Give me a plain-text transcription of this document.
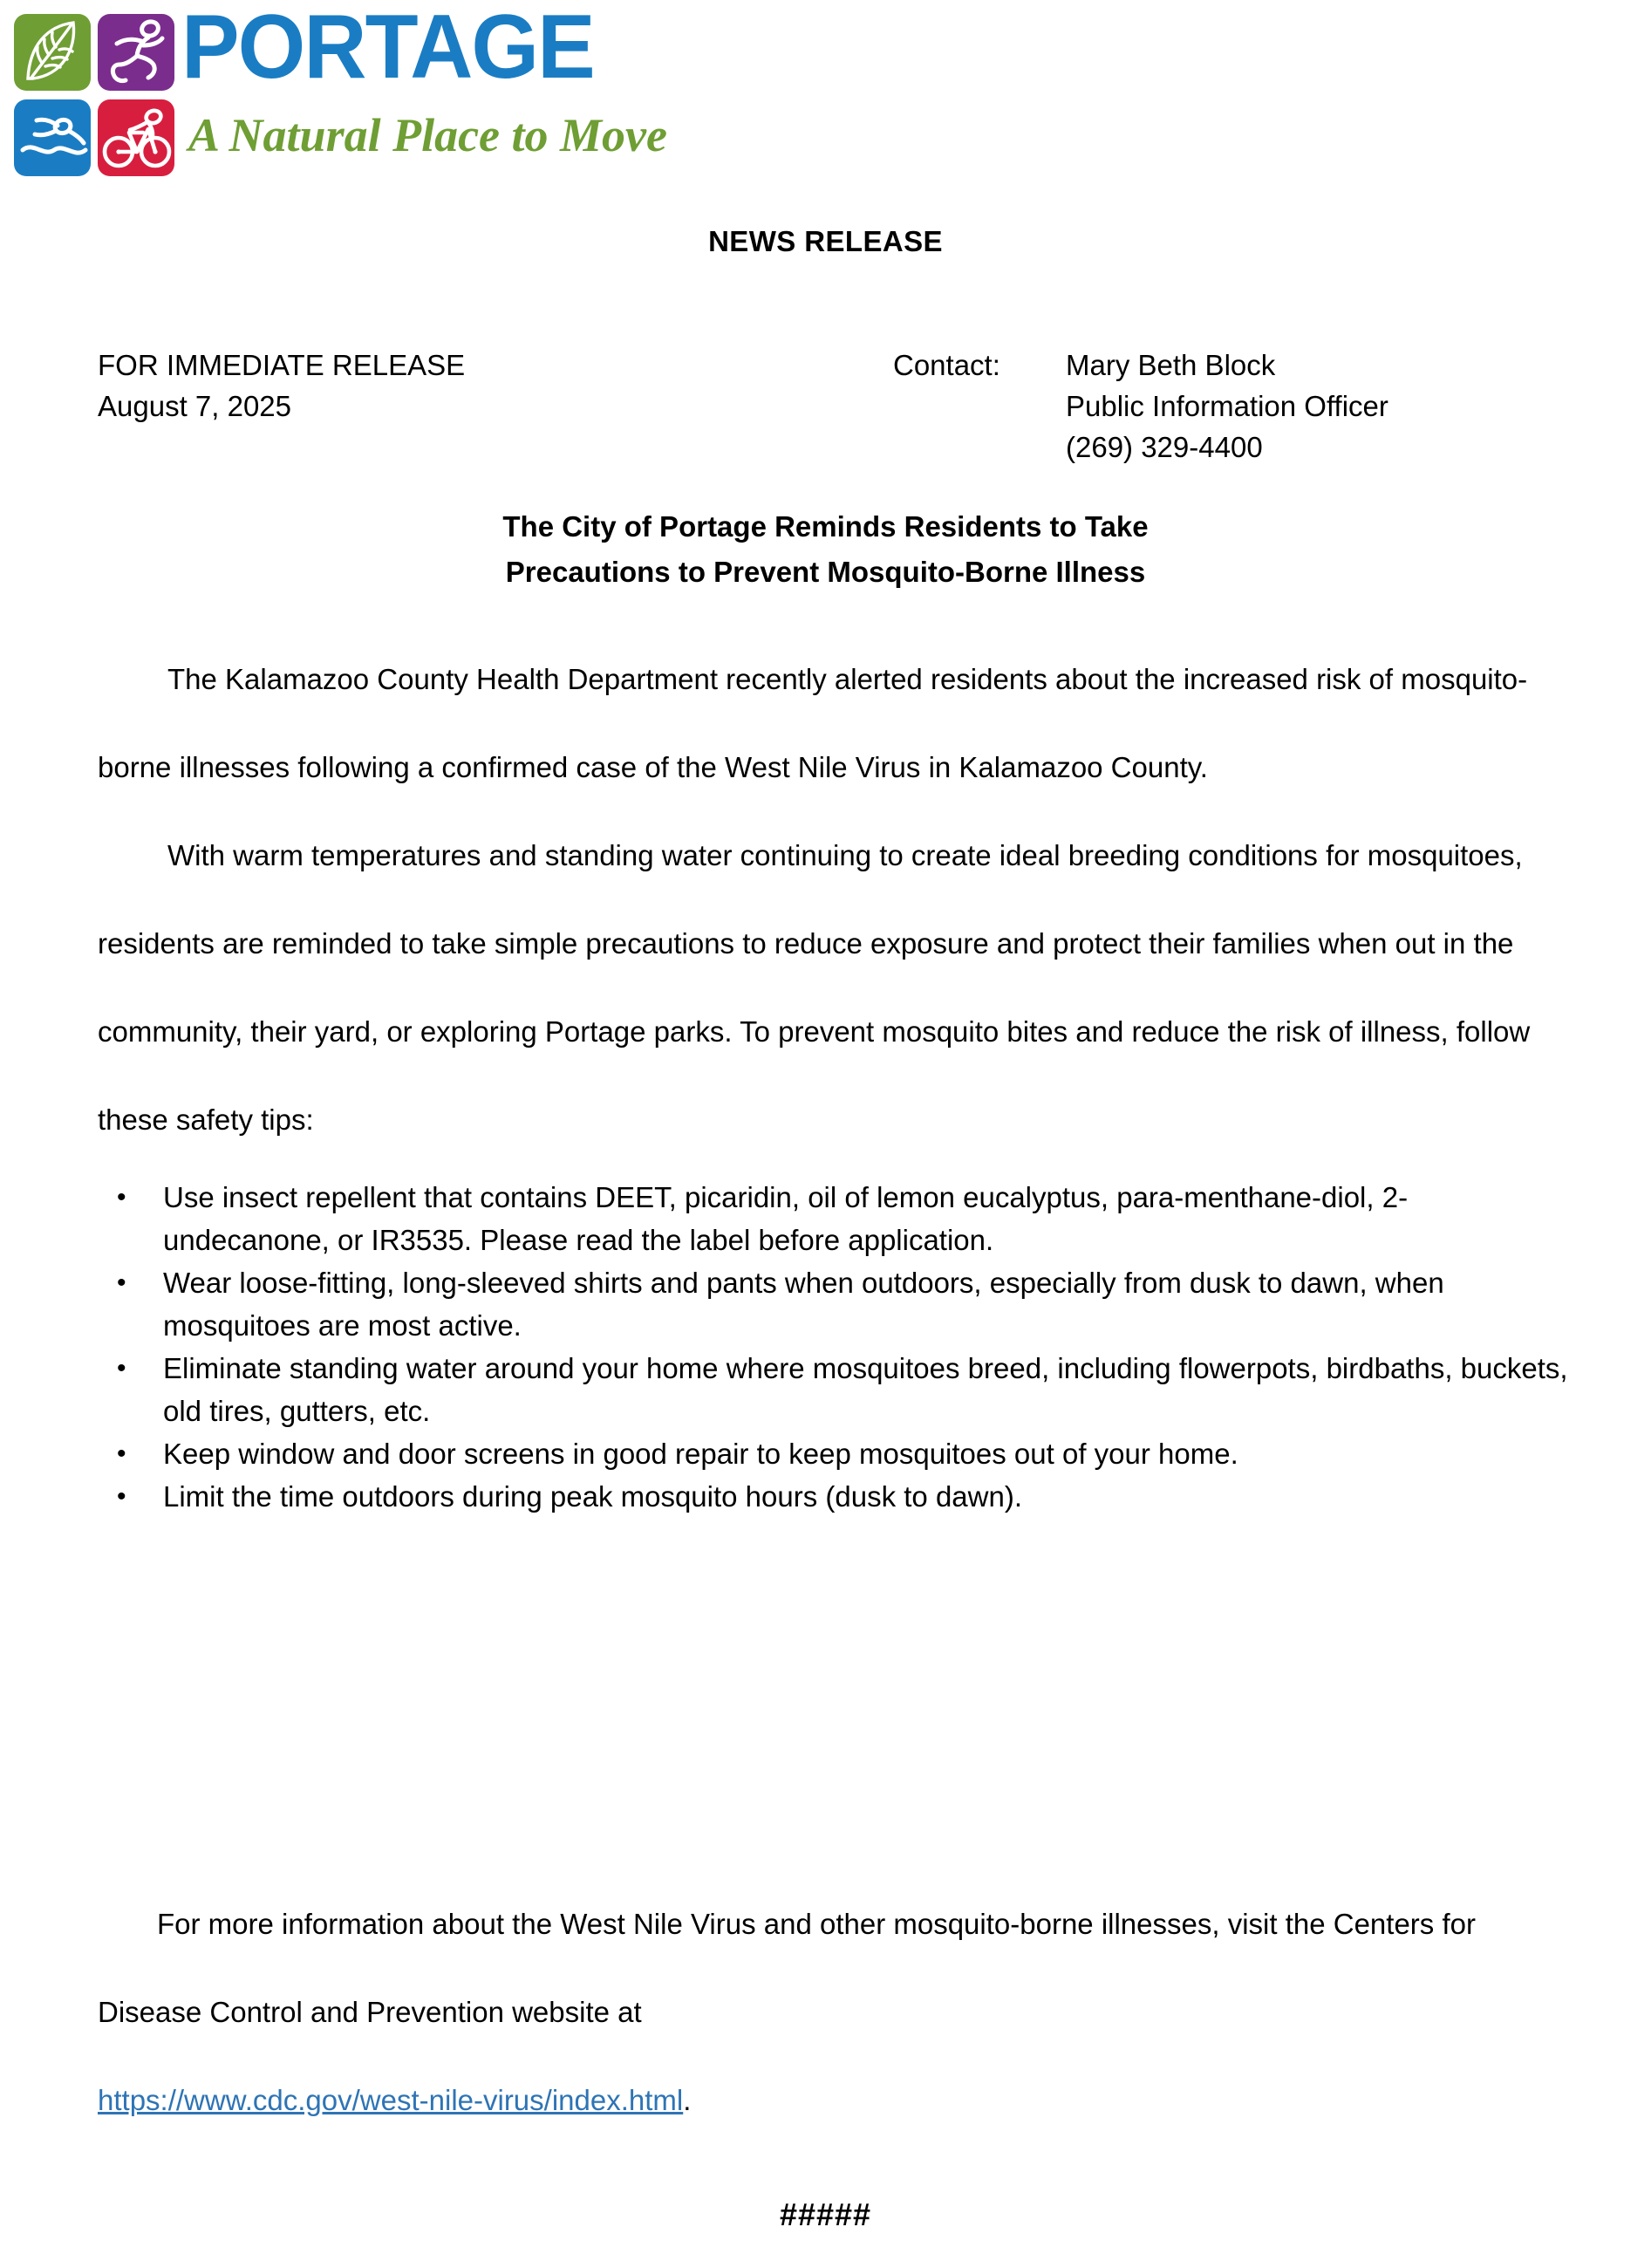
PORTAGE
A Natural Place to Move
NEWS RELEASE
FOR IMMEDIATE RELEASE
August 7, 2025
Contact:	Mary Beth Block
Public Information Officer
(269) 329-4400
The City of Portage Reminds Residents to Take
Precautions to Prevent Mosquito-Borne Illness

The Kalamazoo County Health Department recently alerted residents about the increased risk of mosquito-borne illnesses following a confirmed case of the West Nile Virus in Kalamazoo County.

With warm temperatures and standing water continuing to create ideal breeding conditions for mosquitoes, residents are reminded to take simple precautions to reduce exposure and protect their families when out in the community, their yard, or exploring Portage parks. To prevent mosquito bites and reduce the risk of illness, follow these safety tips:

• Use insect repellent that contains DEET, picaridin, oil of lemon eucalyptus, para-menthane-diol, 2-undecanone, or IR3535. Please read the label before application.
• Wear loose-fitting, long-sleeved shirts and pants when outdoors, especially from dusk to dawn, when mosquitoes are most active.
• Eliminate standing water around your home where mosquitoes breed, including flowerpots, birdbaths, buckets, old tires, gutters, etc.
• Keep window and door screens in good repair to keep mosquitoes out of your home.
• Limit the time outdoors during peak mosquito hours (dusk to dawn).

For more information about the West Nile Virus and other mosquito-borne illnesses, visit the Centers for Disease Control and Prevention website at

https://www.cdc.gov/west-nile-virus/index.html.
#####
